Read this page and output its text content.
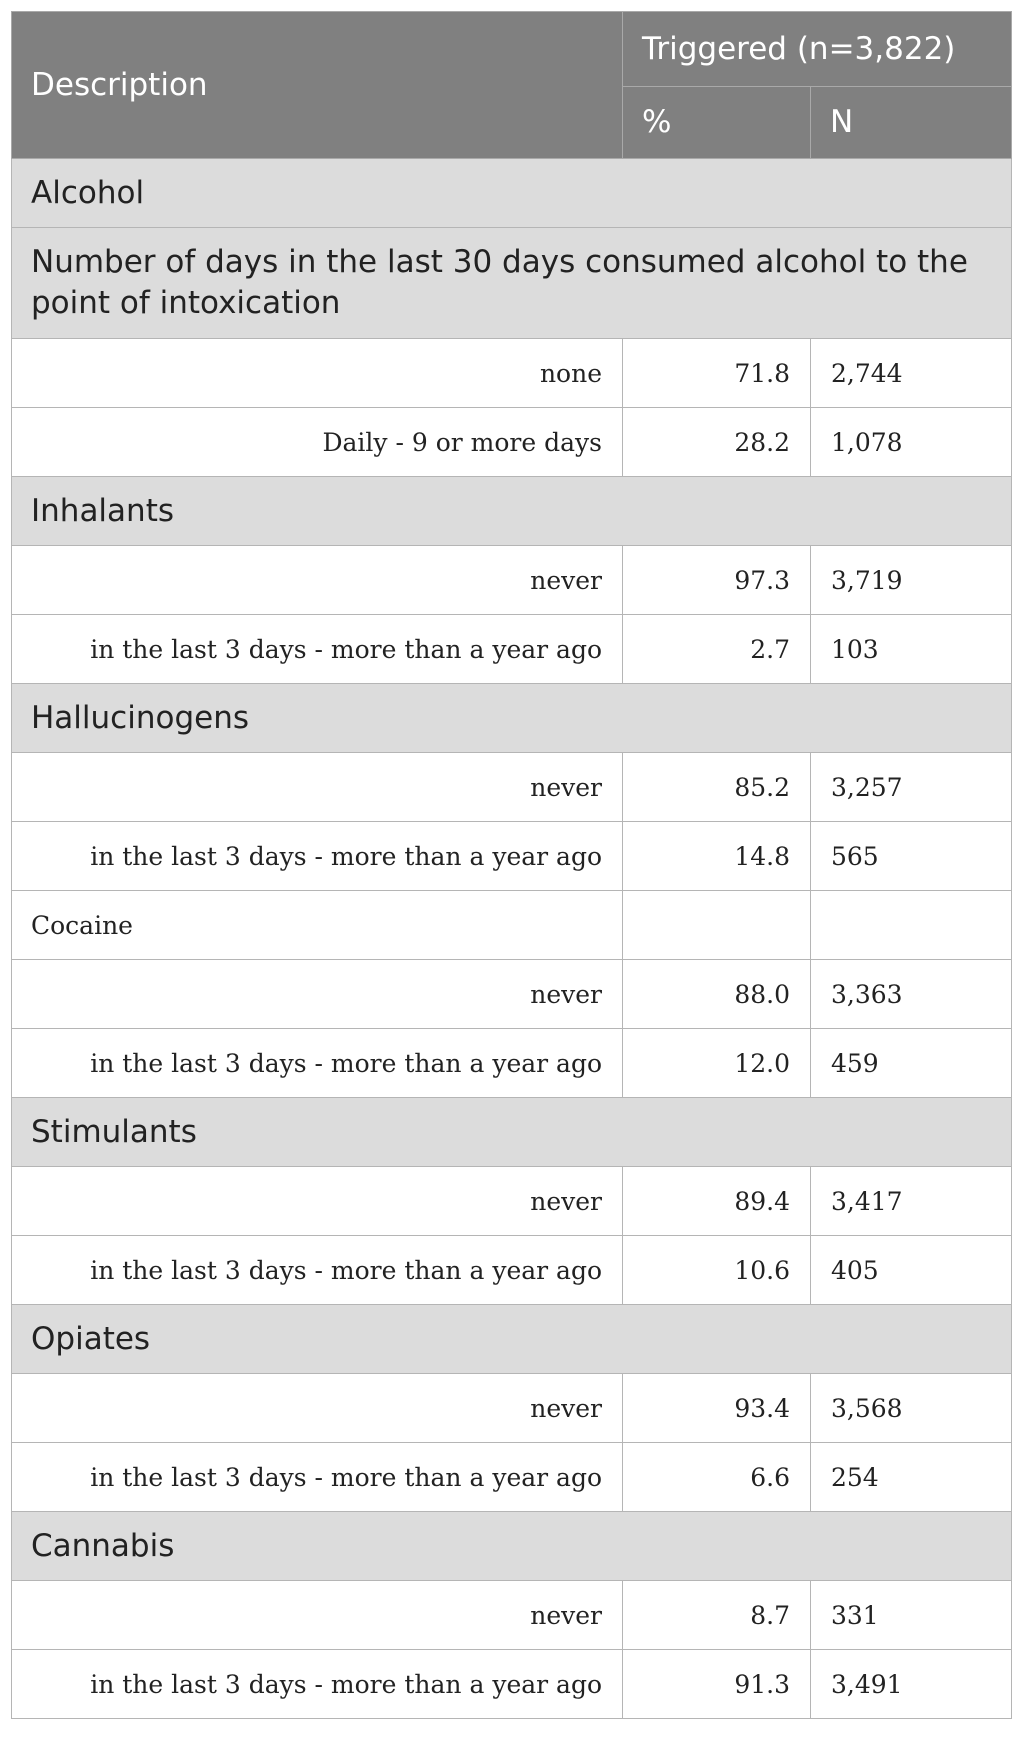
Description	Triggered (n=3,822)	
	%	N
Alcohol		
Number of days in the last 30 days consumed alcohol to the point of intoxication		
none	71.8	2,744
Daily - 9 or more days	28.2	1,078
Inhalants		
never	97.3	3,719
in the last 3 days - more than a year ago	2.7	103
Hallucinogens		
never	85.2	3,257
in the last 3 days - more than a year ago	14.8	565
Cocaine		
never	88.0	3,363
in the last 3 days - more than a year ago	12.0	459
Stimulants		
never	89.4	3,417
in the last 3 days - more than a year ago	10.6	405
Opiates		
never	93.4	3,568
in the last 3 days - more than a year ago	6.6	254
Cannabis		
never	8.7	331
in the last 3 days - more than a year ago	91.3	3,491
